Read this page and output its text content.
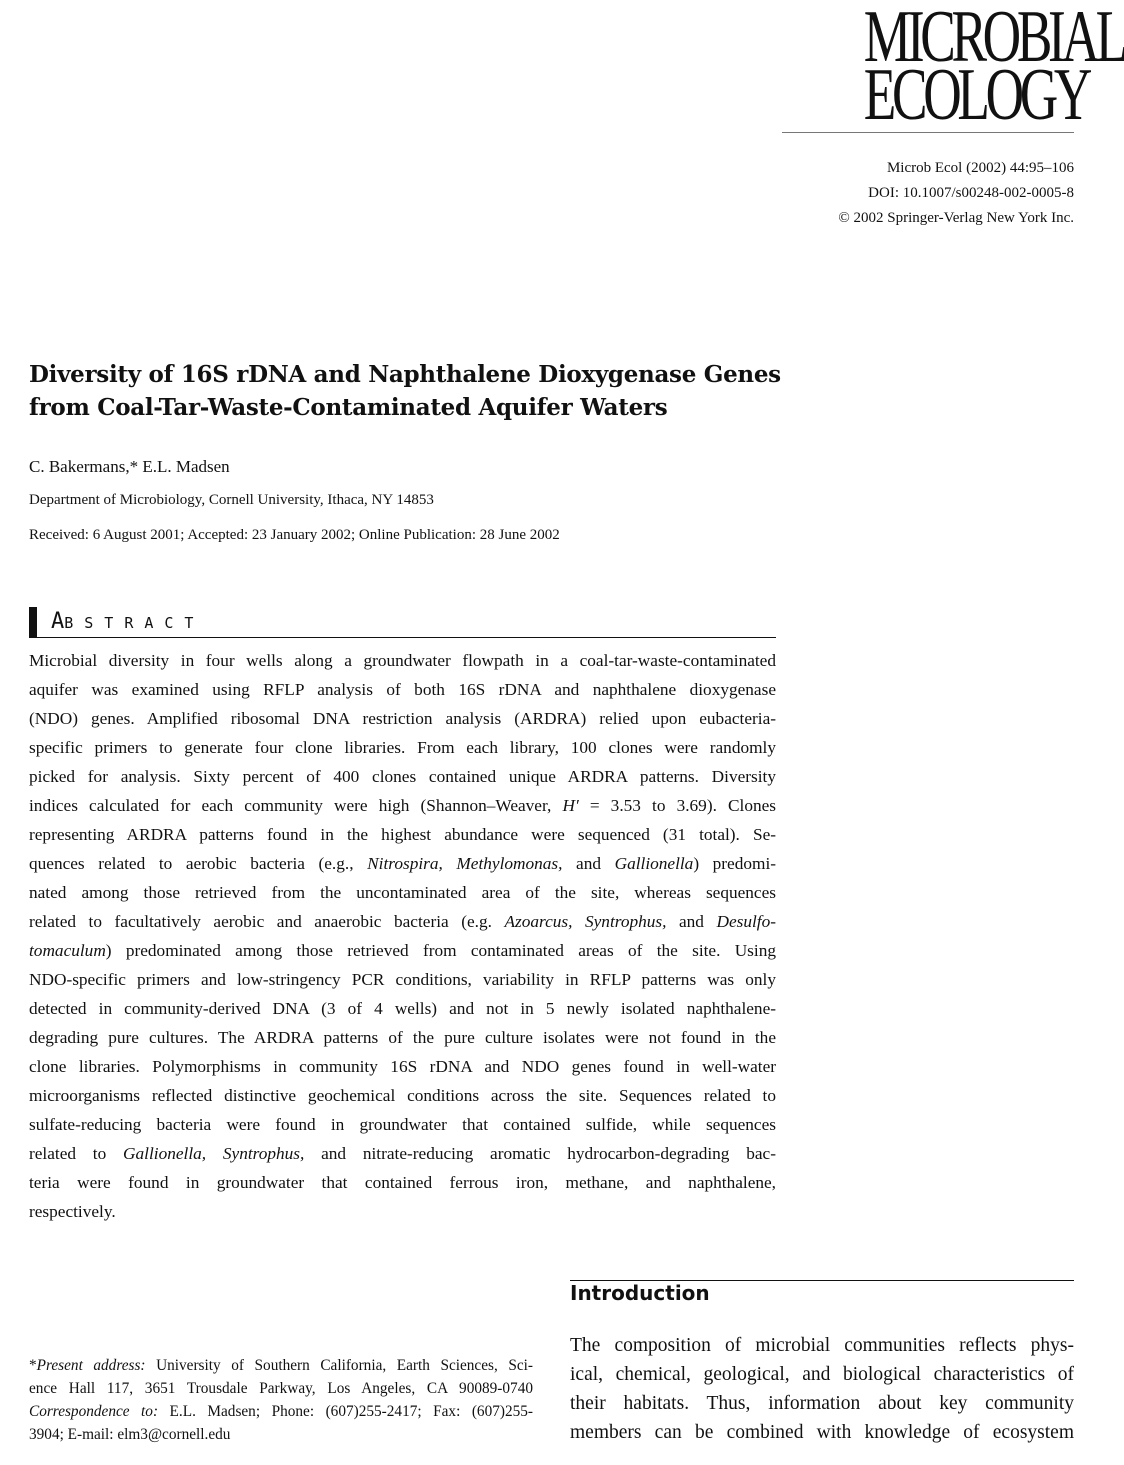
MICROBIAL
ECOLOGY
Microb Ecol (2002) 44:95–106
DOI: 10.1007/s00248-002-0005-8
© 2002 Springer-Verlag New York Inc.
Diversity of 16S rDNA and Naphthalene Dioxygenase Genes
from Coal-Tar-Waste-Contaminated Aquifer Waters
C. Bakermans,* E.L. Madsen
Department of Microbiology, Cornell University, Ithaca, NY 14853
Received: 6 August 2001; Accepted: 23 January 2002; Online Publication: 28 June 2002
ABSTRACT
Microbial diversity in four wells along a groundwater flowpath in a coal-tar-waste-contaminated
aquifer was examined using RFLP analysis of both 16S rDNA and naphthalene dioxygenase
(NDO) genes. Amplified ribosomal DNA restriction analysis (ARDRA) relied upon eubacteria-
specific primers to generate four clone libraries. From each library, 100 clones were randomly
picked for analysis. Sixty percent of 400 clones contained unique ARDRA patterns. Diversity
indices calculated for each community were high (Shannon–Weaver, H′ = 3.53 to 3.69). Clones
representing ARDRA patterns found in the highest abundance were sequenced (31 total). Se-
quences related to aerobic bacteria (e.g., Nitrospira, Methylomonas, and Gallionella) predomi-
nated among those retrieved from the uncontaminated area of the site, whereas sequences
related to facultatively aerobic and anaerobic bacteria (e.g. Azoarcus, Syntrophus, and Desulfo-
tomaculum) predominated among those retrieved from contaminated areas of the site. Using
NDO-specific primers and low-stringency PCR conditions, variability in RFLP patterns was only
detected in community-derived DNA (3 of 4 wells) and not in 5 newly isolated naphthalene-
degrading pure cultures. The ARDRA patterns of the pure culture isolates were not found in the
clone libraries. Polymorphisms in community 16S rDNA and NDO genes found in well-water
microorganisms reflected distinctive geochemical conditions across the site. Sequences related to
sulfate-reducing bacteria were found in groundwater that contained sulfide, while sequences
related to Gallionella, Syntrophus, and nitrate-reducing aromatic hydrocarbon-degrading bac-
teria were found in groundwater that contained ferrous iron, methane, and naphthalene,
respectively.
Introduction
The composition of microbial communities reflects phys-
ical, chemical, geological, and biological characteristics of
their habitats. Thus, information about key community
members can be combined with knowledge of ecosystem
*Present address: University of Southern California, Earth Sciences, Sci-
ence Hall 117, 3651 Trousdale Parkway, Los Angeles, CA 90089-0740
Correspondence to: E.L. Madsen; Phone: (607)255-2417; Fax: (607)255-
3904; E-mail: elm3@cornell.edu
